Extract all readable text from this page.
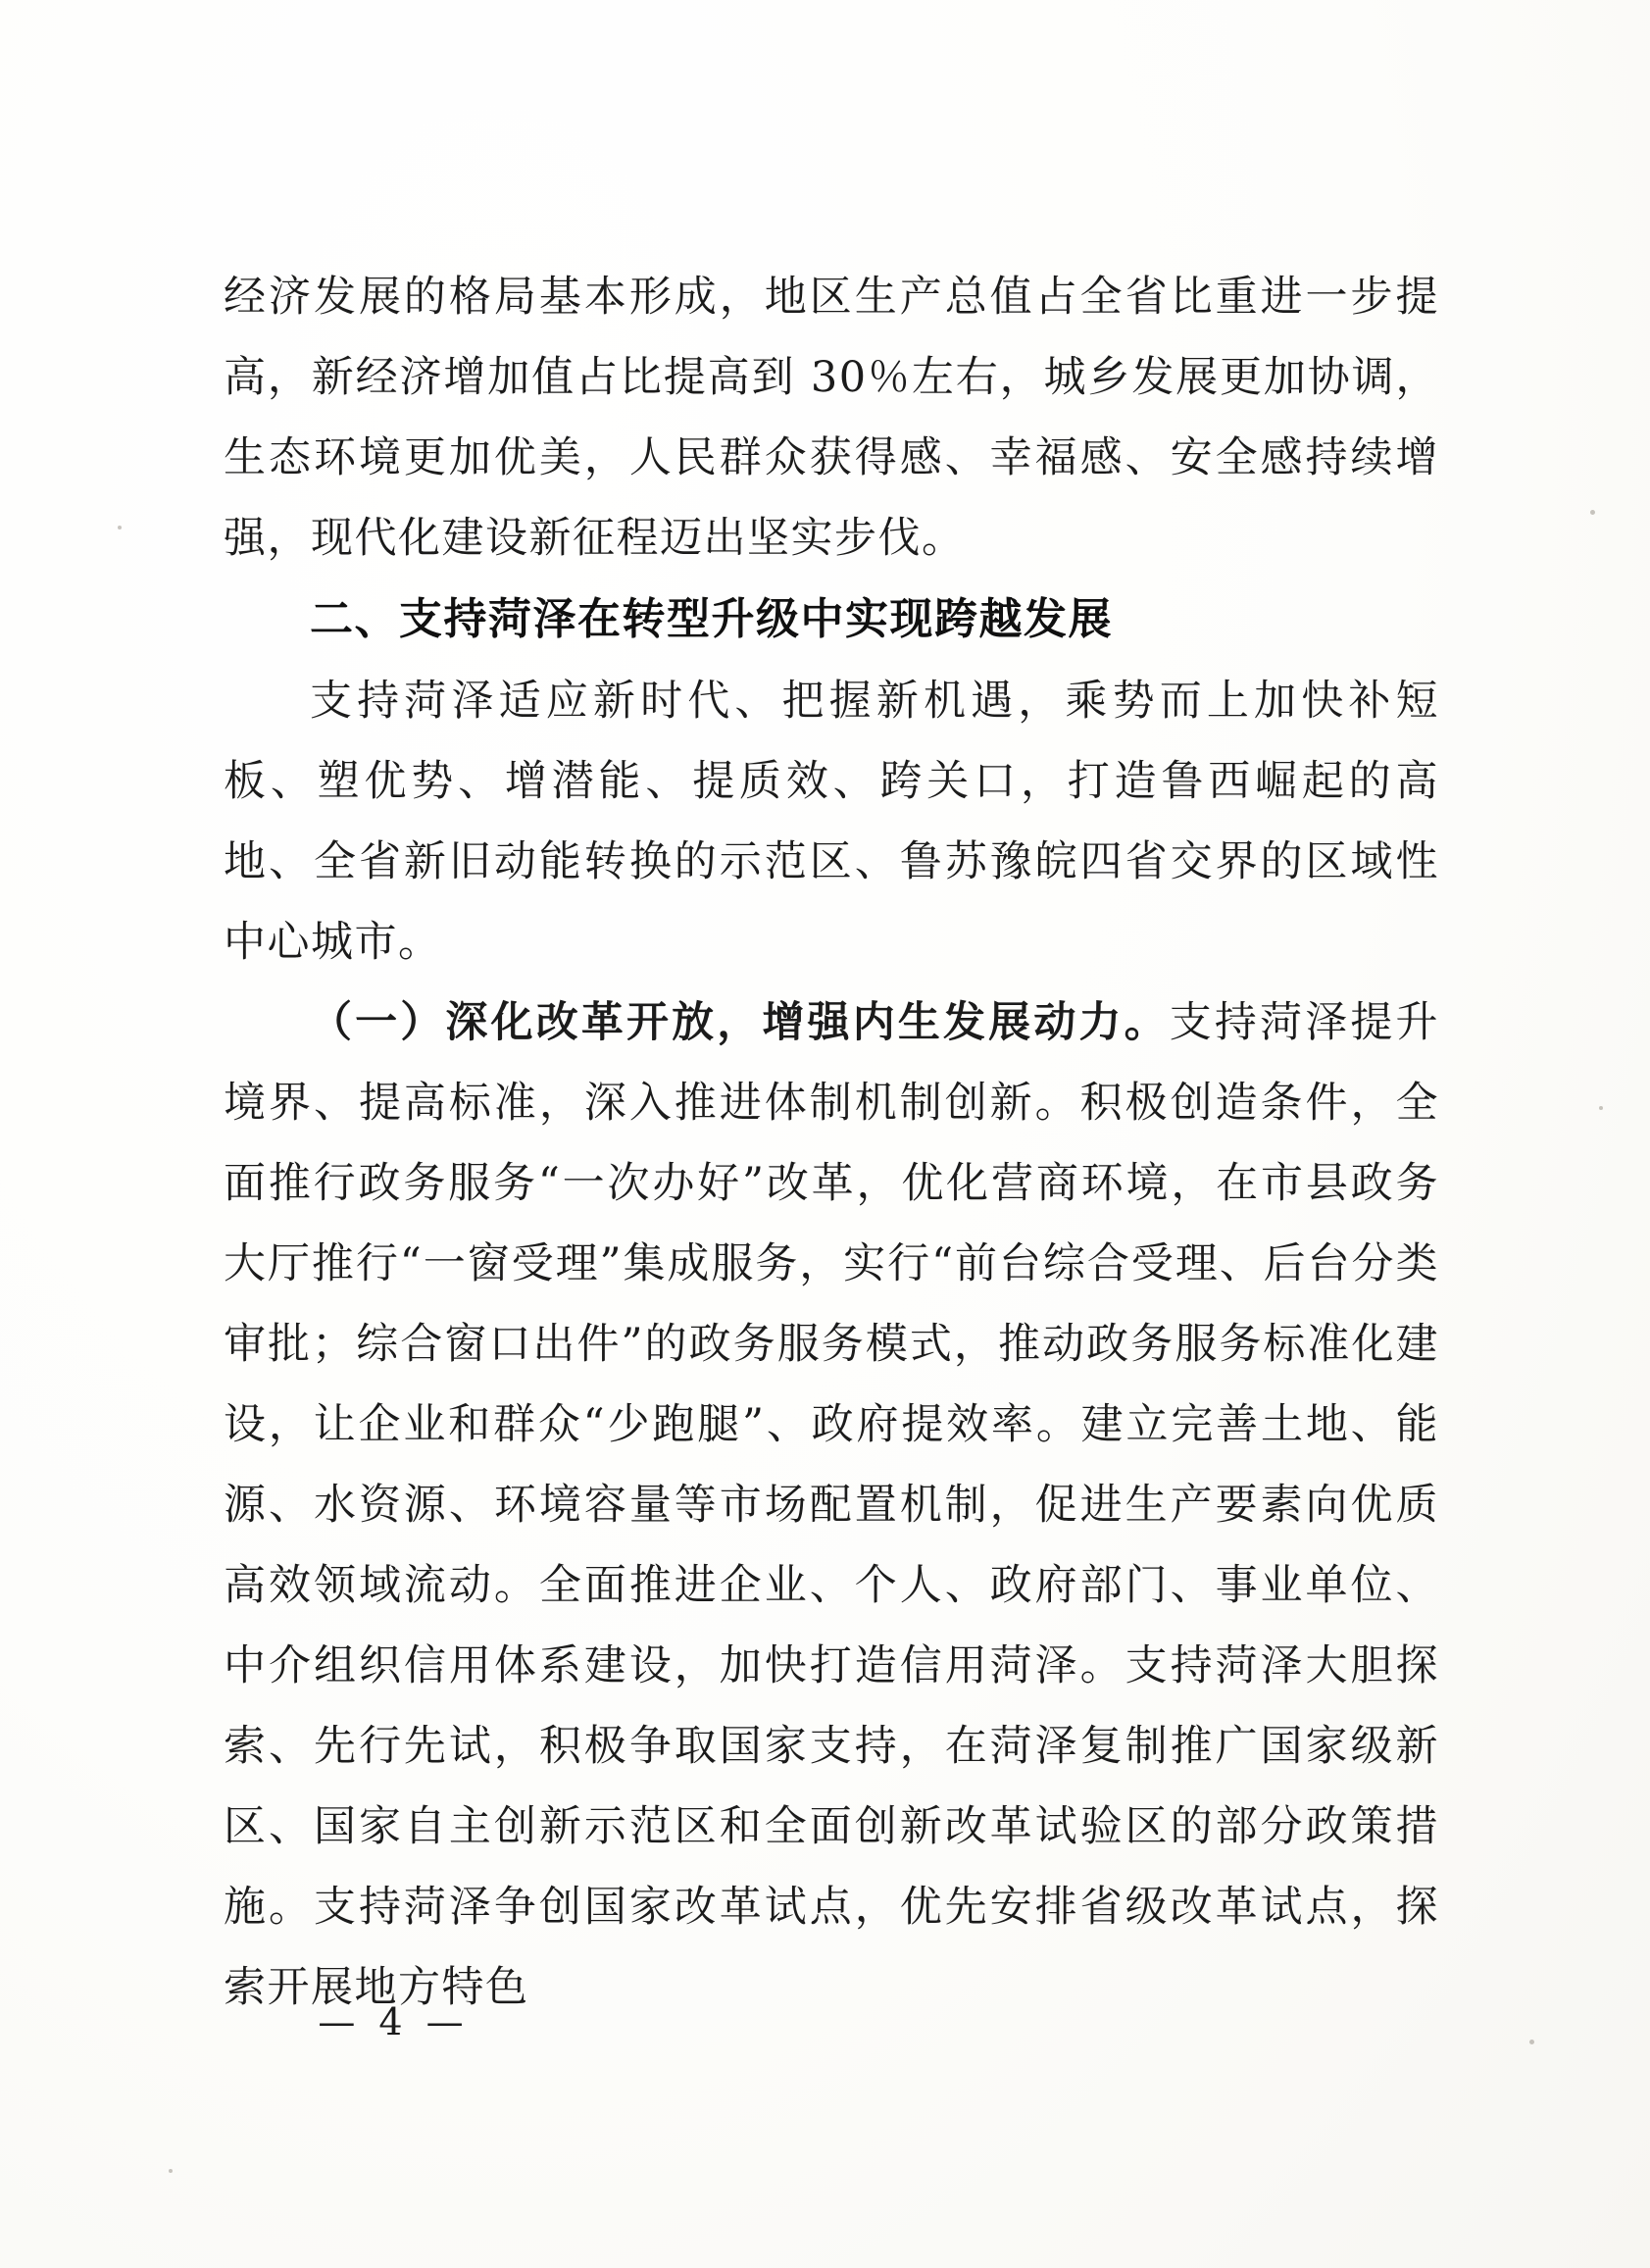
经济发展的格局基本形成，地区生产总值占全省比重进一步提高，新经济增加值占比提高到 30％左右，城乡发展更加协调，生态环境更加优美，人民群众获得感、幸福感、安全感持续增强，现代化建设新征程迈出坚实步伐。

二、支持菏泽在转型升级中实现跨越发展

支持菏泽适应新时代、把握新机遇，乘势而上加快补短板、塑优势、增潜能、提质效、跨关口，打造鲁西崛起的高地、全省新旧动能转换的示范区、鲁苏豫皖四省交界的区域性中心城市。

（一）深化改革开放，增强内生发展动力。支持菏泽提升境界、提高标准，深入推进体制机制创新。积极创造条件，全面推行政务服务“一次办好”改革，优化营商环境，在市县政务大厅推行“一窗受理”集成服务，实行“前台综合受理、后台分类审批；综合窗口出件”的政务服务模式，推动政务服务标准化建设，让企业和群众“少跑腿”、政府提效率。建立完善土地、能源、水资源、环境容量等市场配置机制，促进生产要素向优质高效领域流动。全面推进企业、个人、政府部门、事业单位、中介组织信用体系建设，加快打造信用菏泽。支持菏泽大胆探索、先行先试，积极争取国家支持，在菏泽复制推广国家级新区、国家自主创新示范区和全面创新改革试验区的部分政策措施。支持菏泽争创国家改革试点，优先安排省级改革试点，探索开展地方特色

— 4 —
